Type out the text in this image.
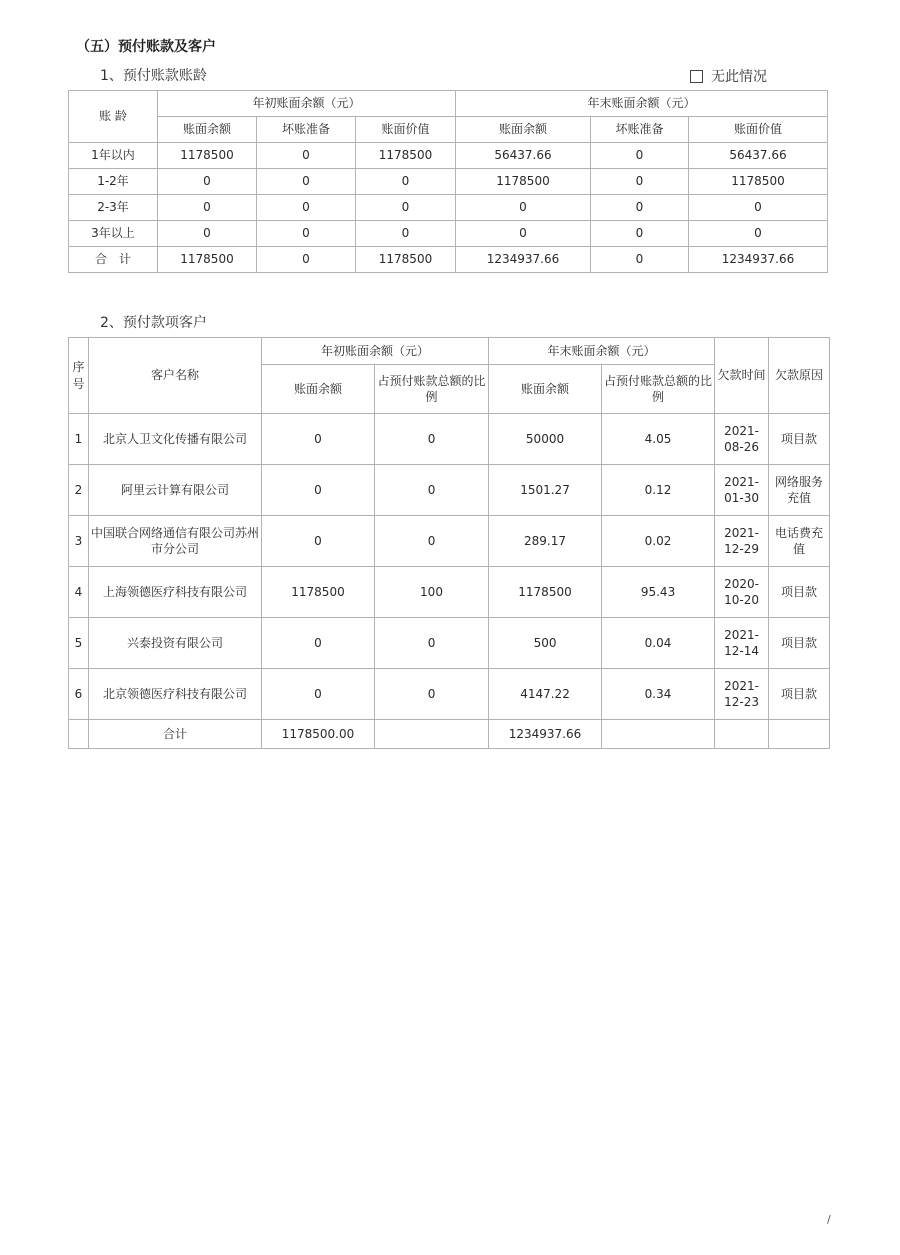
（五）预付账款及客户
1、预付账款账龄	无此情况
账 龄	年初账面余额（元）			年末账面余额（元）		
	账面余额	坏账准备	账面价值	账面余额	坏账准备	账面价值
1年以内	1178500	0	1178500	56437.66	0	56437.66
1-2年	0	0	0	1178500	0	1178500
2-3年	0	0	0	0	0	0
3年以上	0	0	0	0	0	0
合　计	1178500	0	1178500	1234937.66	0	1234937.66
2、预付款项客户
序号	客户名称	年初账面余额（元）		年末账面余额（元）		欠款时间	欠款原因
		账面余额	占预付账款总额的比例	账面余额	占预付账款总额的比例		
1	北京人卫文化传播有限公司	0	0	50000	4.05	2021-08-26	项目款
2	阿里云计算有限公司	0	0	1501.27	0.12	2021-01-30	网络服务充值
3	中国联合网络通信有限公司苏州市分公司	0	0	289.17	0.02	2021-12-29	电话费充值
4	上海领德医疗科技有限公司	1178500	100	1178500	95.43	2020-10-20	项目款
5	兴泰投资有限公司	0	0	500	0.04	2021-12-14	项目款
6	北京领德医疗科技有限公司	0	0	4147.22	0.34	2021-12-23	项目款
	合计	1178500.00		1234937.66			
/
